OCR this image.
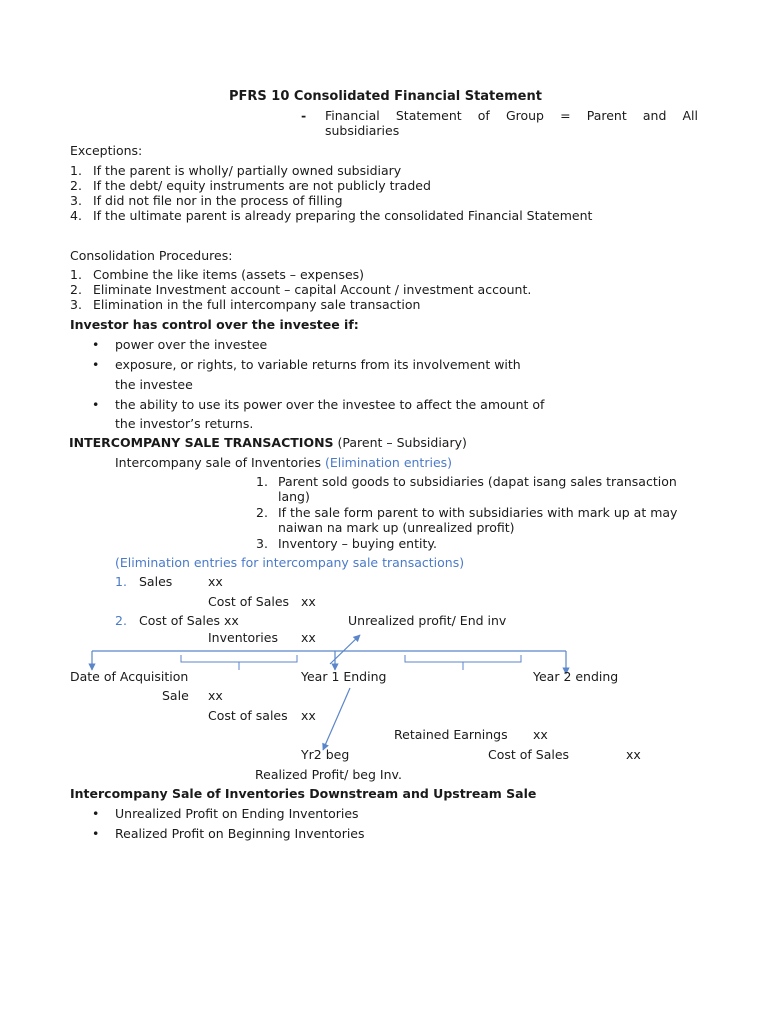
PFRS 10 Consolidated Financial Statement
- Financial Statement of Group = Parent and All
subsidiaries
Exceptions:
1. If the parent is wholly/ partially owned subsidiary
2. If the debt/ equity instruments are not publicly traded
3. If did not file nor in the process of filling
4. If the ultimate parent is already preparing the consolidated Financial Statement
Consolidation Procedures:
1. Combine the like items (assets – expenses)
2. Eliminate Investment account – capital Account / investment account.
3. Elimination in the full intercompany sale transaction
Investor has control over the investee if:
• power over the investee
• exposure, or rights, to variable returns from its involvement with
the investee
• the ability to use its power over the investee to affect the amount of
the investor’s returns.
INTERCOMPANY SALE TRANSACTIONS (Parent – Subsidiary)
Intercompany sale of Inventories (Elimination entries)
1. Parent sold goods to subsidiaries (dapat isang sales transaction
lang)
2. If the sale form parent to with subsidiaries with mark up at may
naiwan na mark up (unrealized profit)
3. Inventory – buying entity.
(Elimination entries for intercompany sale transactions)
1. Sales	xx
Cost of Sales xx
2. Cost of Sales xx	Unrealized profit/ End inv
Inventories xx
Date of Acquisition	Year 1 Ending	Year 2 ending
Sale xx
Cost of sales xx
Retained Earnings xx
Yr2 beg	Cost of Sales	xx
Realized Profit/ beg Inv.
Intercompany Sale of Inventories Downstream and Upstream Sale
• Unrealized Profit on Ending Inventories
• Realized Profit on Beginning Inventories
